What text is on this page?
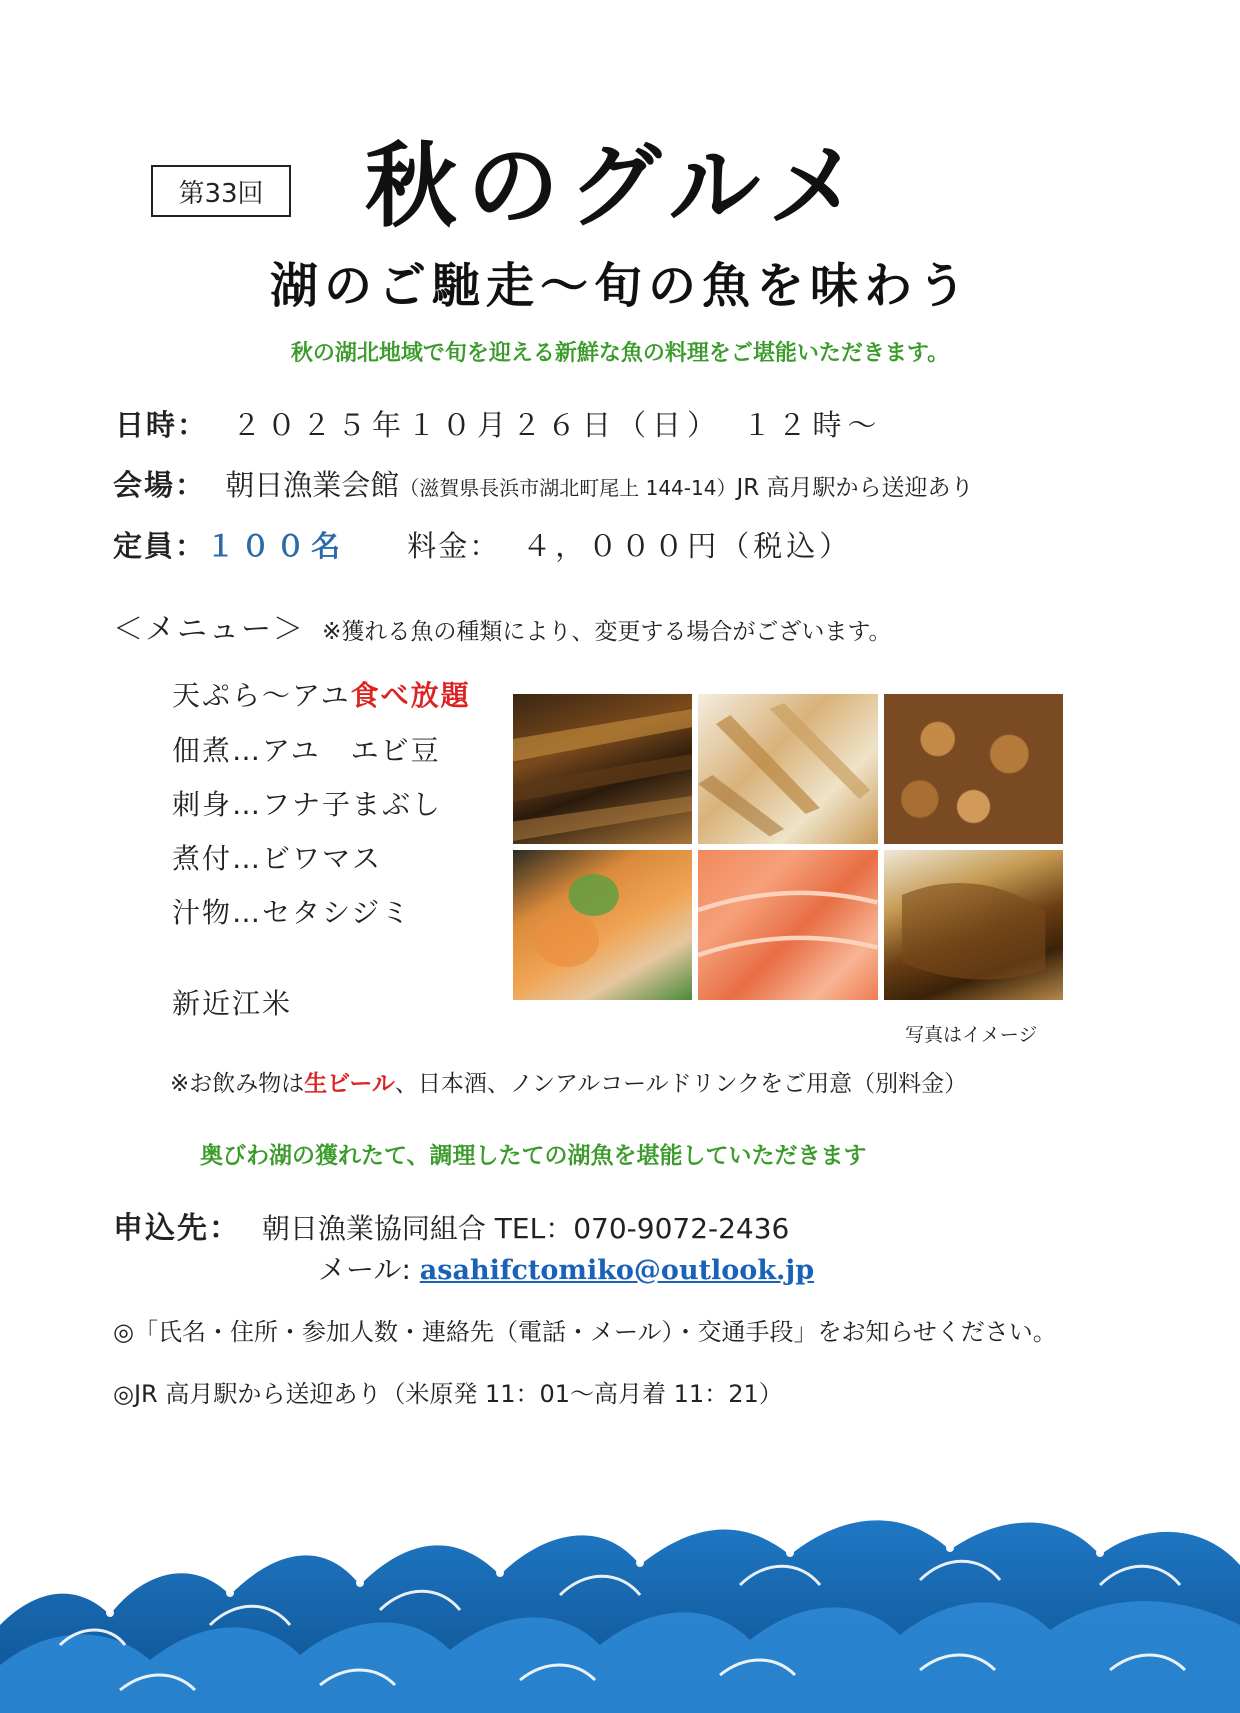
第33回 秋のグルメ
湖のご馳走〜旬の魚を味わう
秋の湖北地域で旬を迎える新鮮な魚の料理をご堪能いただきます。
日時： ２０２５年１０月２６日（日）　１２時〜
会場： 朝日漁業会館（滋賀県長浜市湖北町尾上 144-14）JR 高月駅から送迎あり
定員：１００名 料金： ４，０００円（税込）
＜メニュー＞ ※獲れる魚の種類により、変更する場合がございます。
天ぷら〜アユ食べ放題
佃煮…アユ　エビ豆
刺身…フナ子まぶし
煮付…ビワマス
汁物…セタシジミ
新近江米
写真はイメージ
※お飲み物は生ビール、日本酒、ノンアルコールドリンクをご用意（別料金）
奥びわ湖の獲れたて、調理したての湖魚を堪能していただきます
申込先： 朝日漁業協同組合 TEL：070-9072-2436
メール: asahifctomiko@outlook.jp
◎「氏名・住所・参加人数・連絡先（電話・メール）・交通手段」をお知らせください。
◎JR 高月駅から送迎あり（米原発 11：01〜高月着 11：21）
